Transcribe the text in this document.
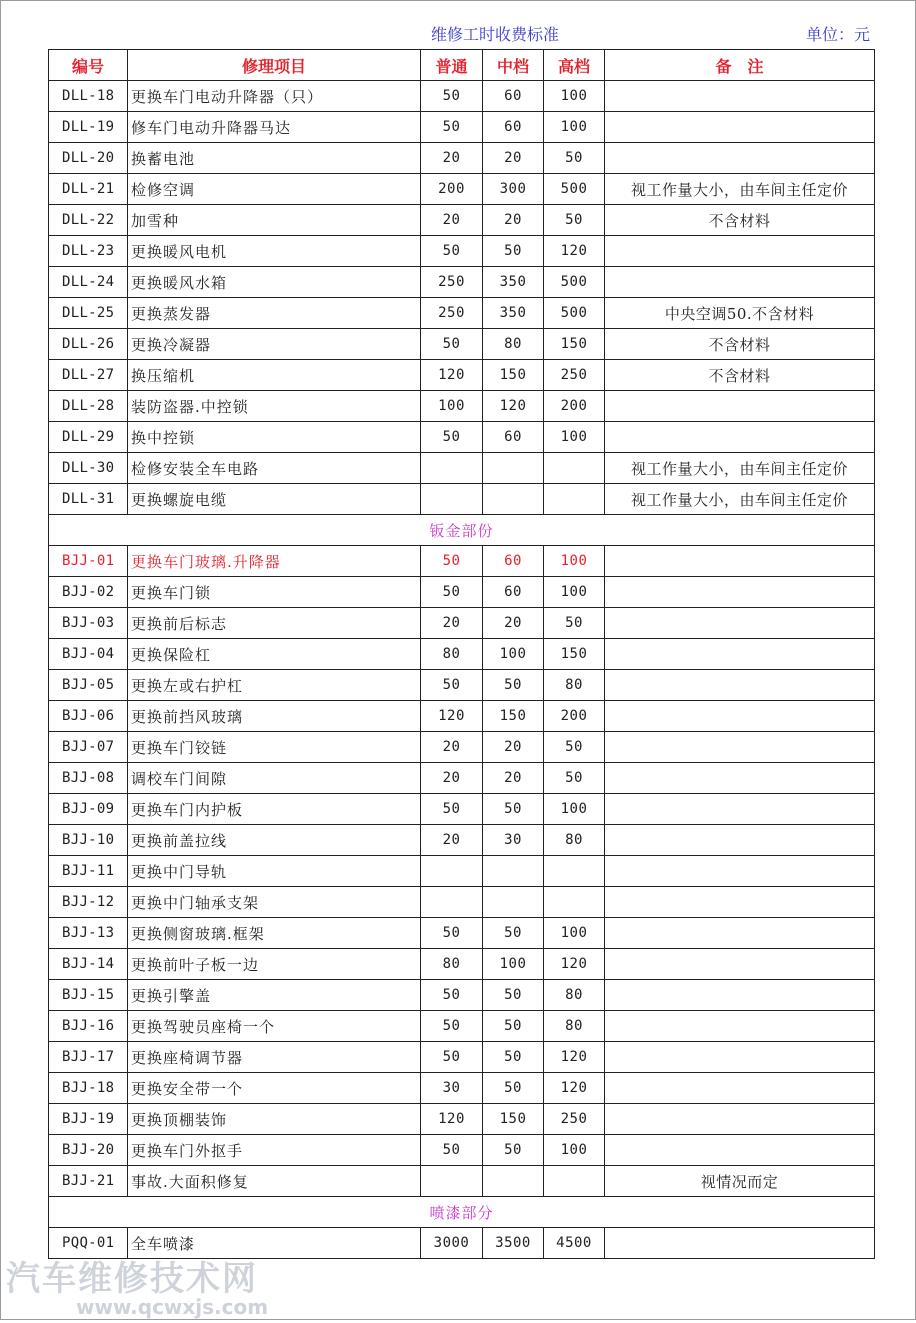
维修工时收费标准	单位：元
编号	修理项目	普通	中档	高档	备　注
DLL-18	更换车门电动升降器（只）	50	60	100	
DLL-19	修车门电动升降器马达	50	60	100	
DLL-20	换蓄电池	20	20	50	
DLL-21	检修空调	200	300	500	视工作量大小，由车间主任定价
DLL-22	加雪种	20	20	50	不含材料
DLL-23	更换暖风电机	50	50	120	
DLL-24	更换暖风水箱	250	350	500	
DLL-25	更换蒸发器	250	350	500	中央空调50.不含材料
DLL-26	更换冷凝器	50	80	150	不含材料
DLL-27	换压缩机	120	150	250	不含材料
DLL-28	装防盗器.中控锁	100	120	200	
DLL-29	换中控锁	50	60	100	
DLL-30	检修安装全车电路				视工作量大小，由车间主任定价
DLL-31	更换螺旋电缆				视工作量大小，由车间主任定价
钣金部份					
BJJ-01	更换车门玻璃.升降器	50	60	100	
BJJ-02	更换车门锁	50	60	100	
BJJ-03	更换前后标志	20	20	50	
BJJ-04	更换保险杠	80	100	150	
BJJ-05	更换左或右护杠	50	50	80	
BJJ-06	更换前挡风玻璃	120	150	200	
BJJ-07	更换车门铰链	20	20	50	
BJJ-08	调校车门间隙	20	20	50	
BJJ-09	更换车门内护板	50	50	100	
BJJ-10	更换前盖拉线	20	30	80	
BJJ-11	更换中门导轨				
BJJ-12	更换中门轴承支架				
BJJ-13	更换侧窗玻璃.框架	50	50	100	
BJJ-14	更换前叶子板一边	80	100	120	
BJJ-15	更换引擎盖	50	50	80	
BJJ-16	更换驾驶员座椅一个	50	50	80	
BJJ-17	更换座椅调节器	50	50	120	
BJJ-18	更换安全带一个	30	50	120	
BJJ-19	更换顶棚装饰	120	150	250	
BJJ-20	更换车门外抠手	50	50	100	
BJJ-21	事故.大面积修复				视情况而定
喷漆部分					
PQQ-01	全车喷漆	3000	3500	4500	
汽车维修技术网
www.qcwxjs.com
